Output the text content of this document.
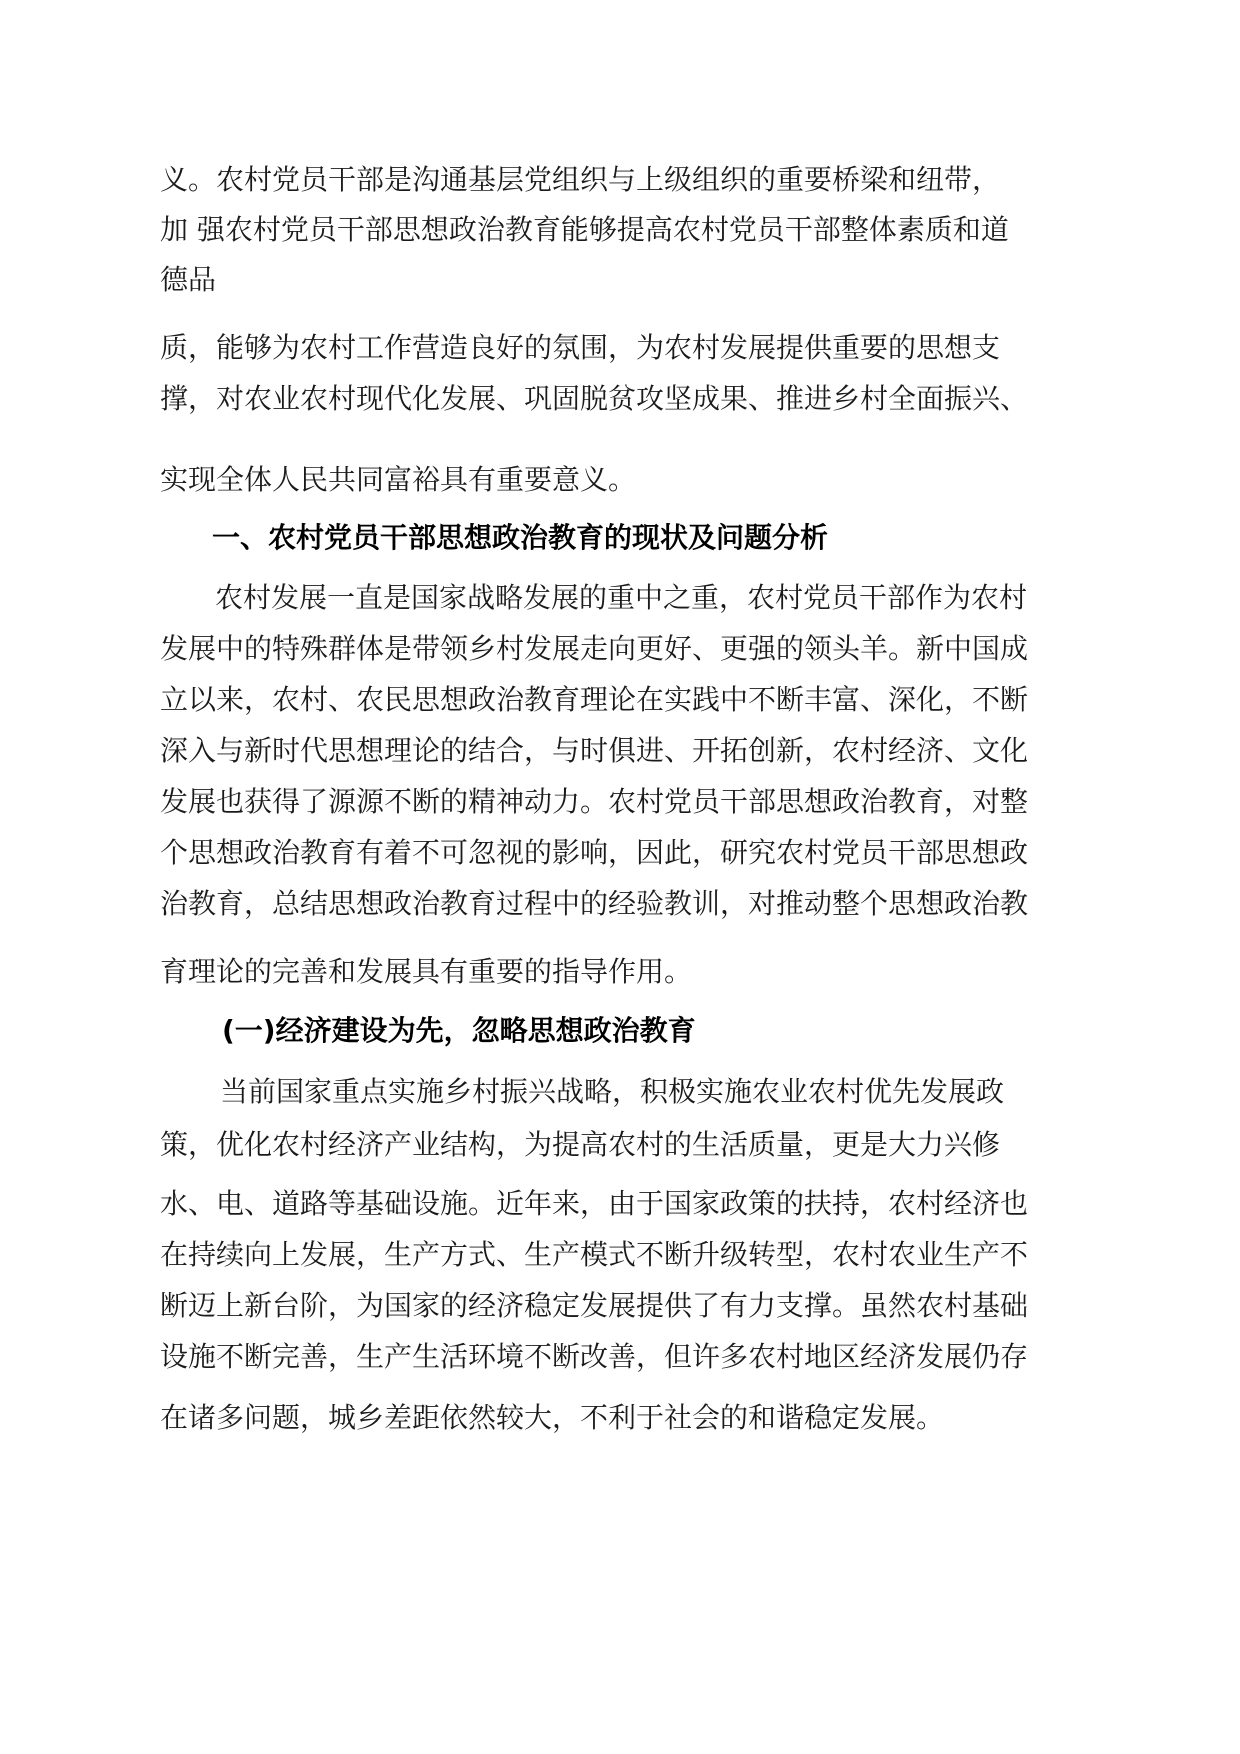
义。农村党员干部是沟通基层党组织与上级组织的重要桥梁和纽带，
加 强农村党员干部思想政治教育能够提高农村党员干部整体素质和道
德品
质，能够为农村工作营造良好的氛围，为农村发展提供重要的思想支
撑，对农业农村现代化发展、巩固脱贫攻坚成果、推进乡村全面振兴、
实现全体人民共同富裕具有重要意义。
一、农村党员干部思想政治教育的现状及问题分析
农村发展一直是国家战略发展的重中之重，农村党员干部作为农村
发展中的特殊群体是带领乡村发展走向更好、更强的领头羊。新中国成
立以来，农村、农民思想政治教育理论在实践中不断丰富、深化，不断
深入与新时代思想理论的结合，与时俱进、开拓创新，农村经济、文化
发展也获得了源源不断的精神动力。农村党员干部思想政治教育，对整
个思想政治教育有着不可忽视的影响，因此，研究农村党员干部思想政
治教育，总结思想政治教育过程中的经验教训，对推动整个思想政治教
育理论的完善和发展具有重要的指导作用。
(一)经济建设为先，忽略思想政治教育
当前国家重点实施乡村振兴战略，积极实施农业农村优先发展政
策，优化农村经济产业结构，为提高农村的生活质量，更是大力兴修
水、电、道路等基础设施。近年来，由于国家政策的扶持，农村经济也
在持续向上发展，生产方式、生产模式不断升级转型，农村农业生产不
断迈上新台阶，为国家的经济稳定发展提供了有力支撑。虽然农村基础
设施不断完善，生产生活环境不断改善，但许多农村地区经济发展仍存
在诸多问题，城乡差距依然较大，不利于社会的和谐稳定发展。
